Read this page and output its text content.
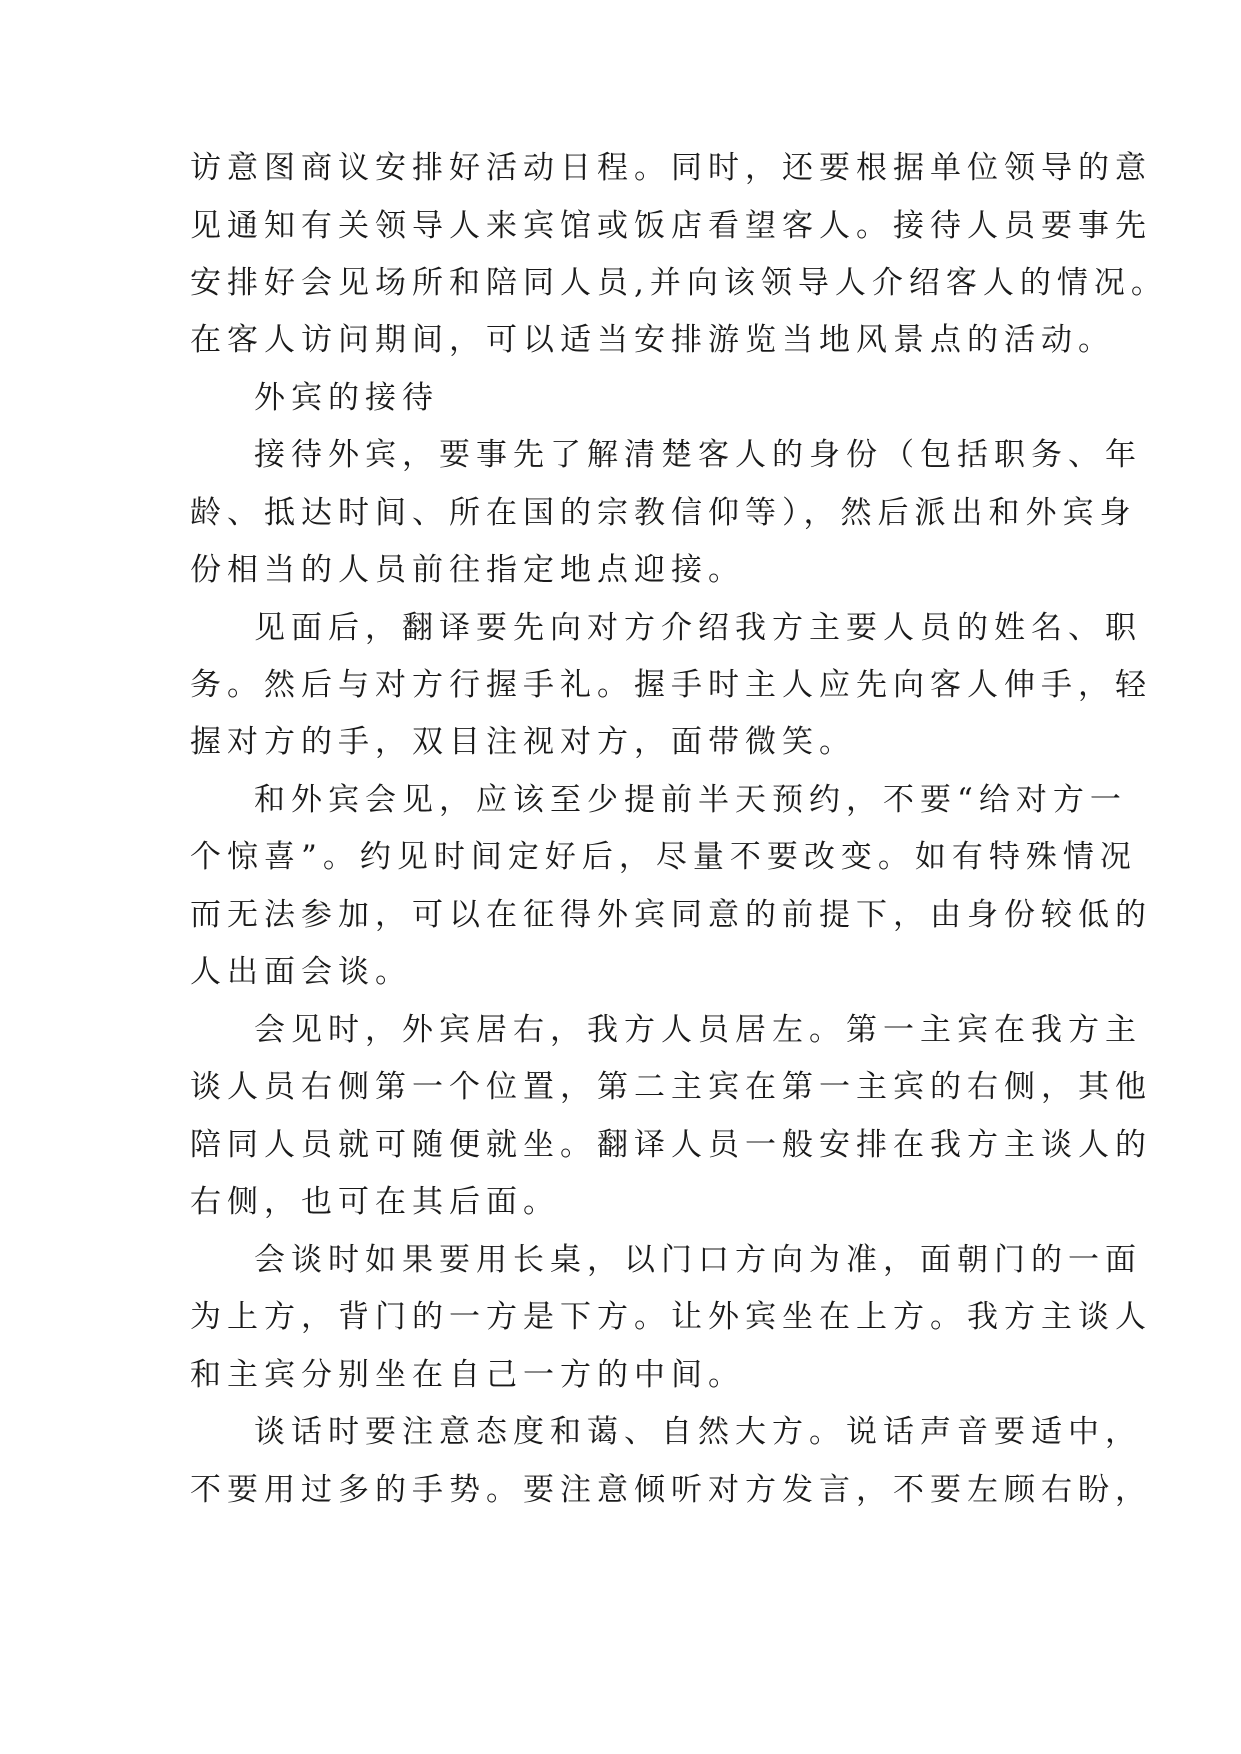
访意图商议安排好活动日程。同时，还要根据单位领导的意
见通知有关领导人来宾馆或饭店看望客人。接待人员要事先
安排好会见场所和陪同人员,并向该领导人介绍客人的情况。
在客人访问期间，可以适当安排游览当地风景点的活动。
外宾的接待
接待外宾，要事先了解清楚客人的身份（包括职务、年
龄、抵达时间、所在国的宗教信仰等），然后派出和外宾身
份相当的人员前往指定地点迎接。
见面后，翻译要先向对方介绍我方主要人员的姓名、职
务。然后与对方行握手礼。握手时主人应先向客人伸手，轻
握对方的手，双目注视对方，面带微笑。
和外宾会见，应该至少提前半天预约，不要“给对方一
个惊喜”。约见时间定好后，尽量不要改变。如有特殊情况
而无法参加，可以在征得外宾同意的前提下，由身份较低的
人出面会谈。
会见时，外宾居右，我方人员居左。第一主宾在我方主
谈人员右侧第一个位置，第二主宾在第一主宾的右侧，其他
陪同人员就可随便就坐。翻译人员一般安排在我方主谈人的
右侧，也可在其后面。
会谈时如果要用长桌，以门口方向为准，面朝门的一面
为上方，背门的一方是下方。让外宾坐在上方。我方主谈人
和主宾分别坐在自己一方的中间。
谈话时要注意态度和蔼、自然大方。说话声音要适中，
不要用过多的手势。要注意倾听对方发言，不要左顾右盼，
